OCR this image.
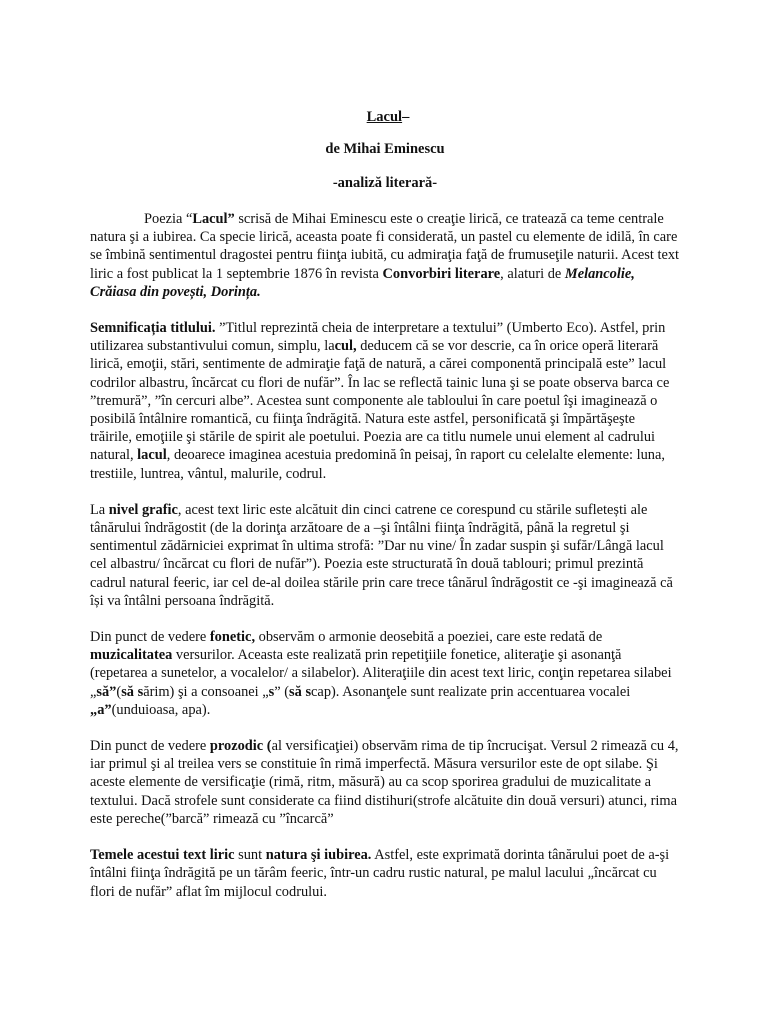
Lacul–

de Mihai Eminescu

-analiză literară-

Poezia “Lacul” scrisă de Mihai Eminescu este o creaţie lirică, ce tratează ca teme centrale natura şi a iubirea. Ca specie lirică, aceasta poate fi considerată, un pastel cu elemente de idilă, în care se îmbină sentimentul dragostei pentru fiinţa iubită, cu admiraţia faţă de frumuseţile naturii. Acest text liric a fost publicat la 1 septembrie 1876 în revista Convorbiri literare, alaturi de Melancolie, Crăiasa din povești, Dorința.

Semnificația titlului. ”Titlul reprezintă cheia de interpretare a textului” (Umberto Eco). Astfel, prin utilizarea substantivului comun, simplu, lacul, deducem că se vor descrie, ca în orice operă literară lirică, emoţii, stări, sentimente de admiraţie faţă de natură, a cărei componentă principală este” lacul codrilor albastru, încărcat cu flori de nufăr”. În lac se reflectă tainic luna şi se poate observa barca ce ”tremură”, ”în cercuri albe”. Acestea sunt componente ale tabloului în care poetul îşi imaginează o posibilă întâlnire romantică, cu fiinţa îndrăgită. Natura este astfel, personificată şi împărtăşeşte trăirile, emoţiile şi stările de spirit ale poetului. Poezia are ca titlu numele unui element al cadrului natural, lacul, deoarece imaginea acestuia predomină în peisaj, în raport cu celelalte elemente: luna, trestiile, luntrea, vântul, malurile, codrul.

La nivel grafic, acest text liric este alcătuit din cinci catrene ce corespund cu stările sufletești ale tânărului îndrăgostit (de la dorinţa arzătoare de a –şi întâlni fiinţa îndrăgită, până la regretul şi sentimentul zădărniciei exprimat în ultima strofă: ”Dar nu vine/ În zadar suspin şi sufăr/Lângă lacul cel albastru/ încărcat cu flori de nufăr”). Poezia este structurată în două tablouri; primul prezintă cadrul natural feeric, iar cel de-al doilea stările prin care trece tânărul îndrăgostit ce -şi imaginează că își va întâlni persoana îndrăgită.

Din punct de vedere fonetic, observăm o armonie deosebită a poeziei, care este redată de muzicalitatea versurilor. Aceasta este realizată prin repetiţiile fonetice, aliteraţie şi asonanţă (repetarea a sunetelor, a vocalelor/ a silabelor). Aliteraţiile din acest text liric, conţin repetarea silabei „să”(să sărim) şi a consoanei „s” (să scap). Asonanţele sunt realizate prin accentuarea vocalei „a”(unduioasa, apa).

Din punct de vedere prozodic (al versificaţiei) observăm rima de tip încrucişat. Versul 2 rimează cu 4, iar primul şi al treilea vers se constituie în rimă imperfectă. Măsura versurilor este de opt silabe. Şi aceste elemente de versificaţie (rimă, ritm, măsură) au ca scop sporirea gradului de muzicalitate a textului. Dacă strofele sunt considerate ca fiind distihuri(strofe alcătuite din două versuri) atunci, rima este pereche(”barcă” rimează cu ”încarcă”

Temele acestui text liric sunt natura şi iubirea. Astfel, este exprimată dorinta tânărului poet de a-şi întâlni fiinţa îndrăgită pe un tărâm feeric, într-un cadru rustic natural, pe malul lacului „încărcat cu flori de nufăr” aflat îm mijlocul codrului.
